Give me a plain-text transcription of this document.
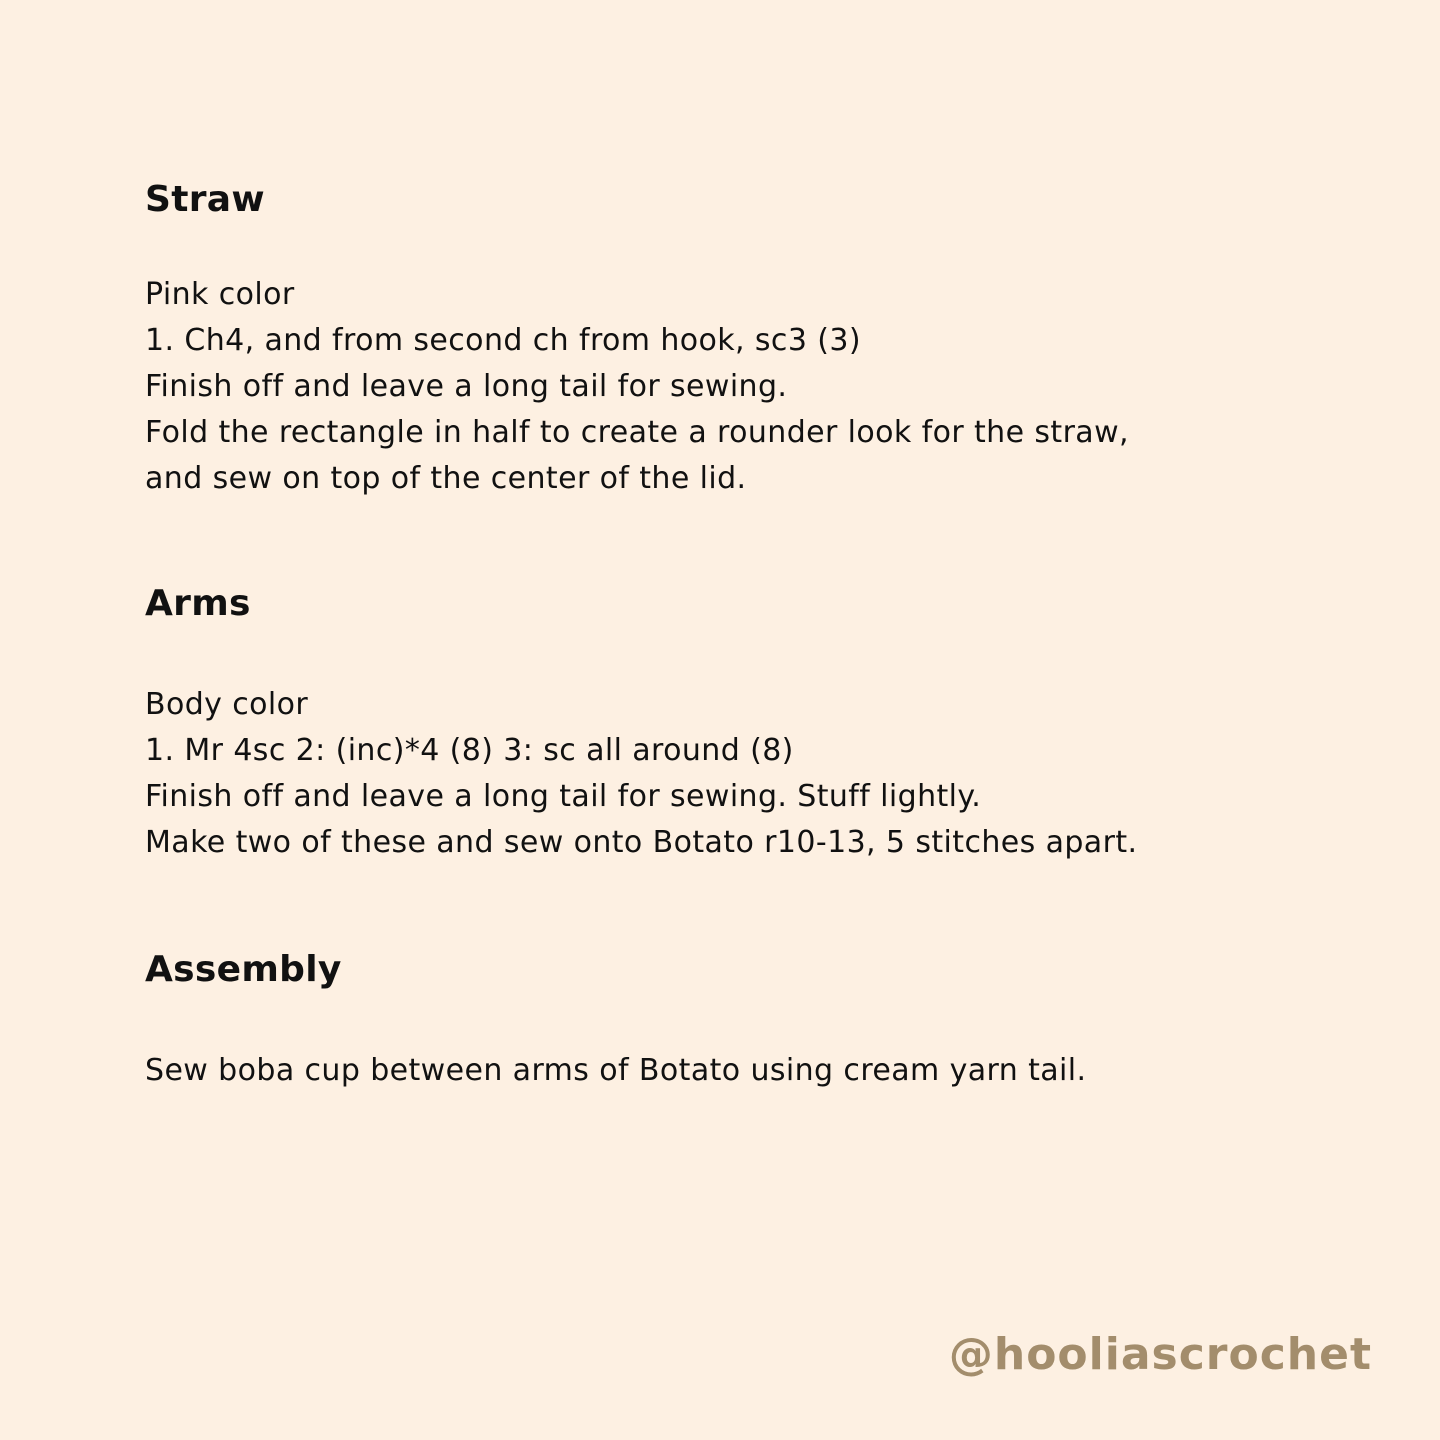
Straw

Pink color

1. Ch4, and from second ch from hook, sc3 (3)

Finish off and leave a long tail for sewing.

Fold the rectangle in half to create a rounder look for the straw,

and sew on top of the center of the lid.

Arms

Body color

1. Mr 4sc 2: (inc)*4 (8) 3: sc all around (8)

Finish off and leave a long tail for sewing. Stuff lightly.

Make two of these and sew onto Botato r10-13, 5 stitches apart.

Assembly

Sew boba cup between arms of Botato using cream yarn tail.

@hooliascrochet
